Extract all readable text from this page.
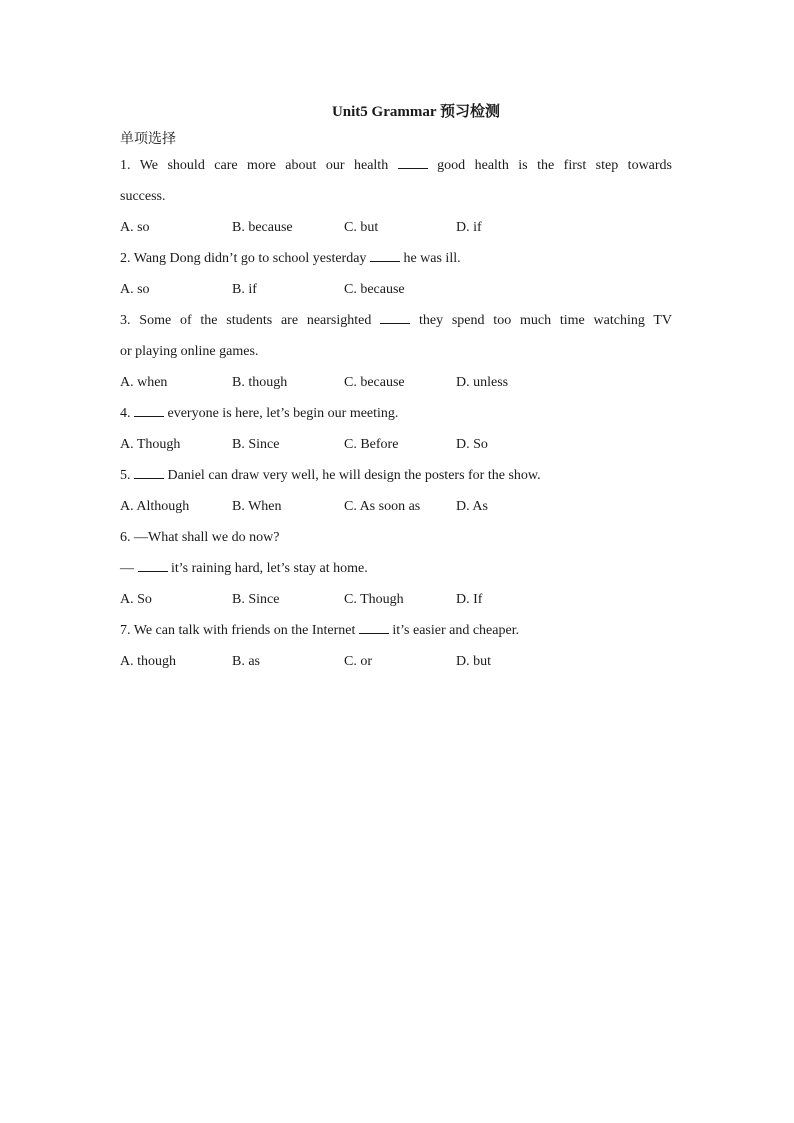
Unit5 Grammar 预习检测
单项选择
1. We should care more about our health	good health is the first step towards
success.
A. so	B. because	C. but	D. if
2. Wang Dong didn’t go to school yesterday	he was ill.
A. so	B. if	C. because
3. Some of the students are nearsighted	they spend too much time watching TV
or playing online games.
A. when	B. though	C. because	D. unless
4.	everyone is here, let’s begin our meeting.
A. Though	B. Since	C. Before	D. So
5.	Daniel can draw very well, he will design the posters for the show.
A. Although	B. When	C. As soon as	D. As
6. —What shall we do now?
—	it’s raining hard, let’s stay at home.
A. So	B. Since	C. Though	D. If
7. We can talk with friends on the Internet	it’s easier and cheaper.
A. though	B. as	C. or	D. but
